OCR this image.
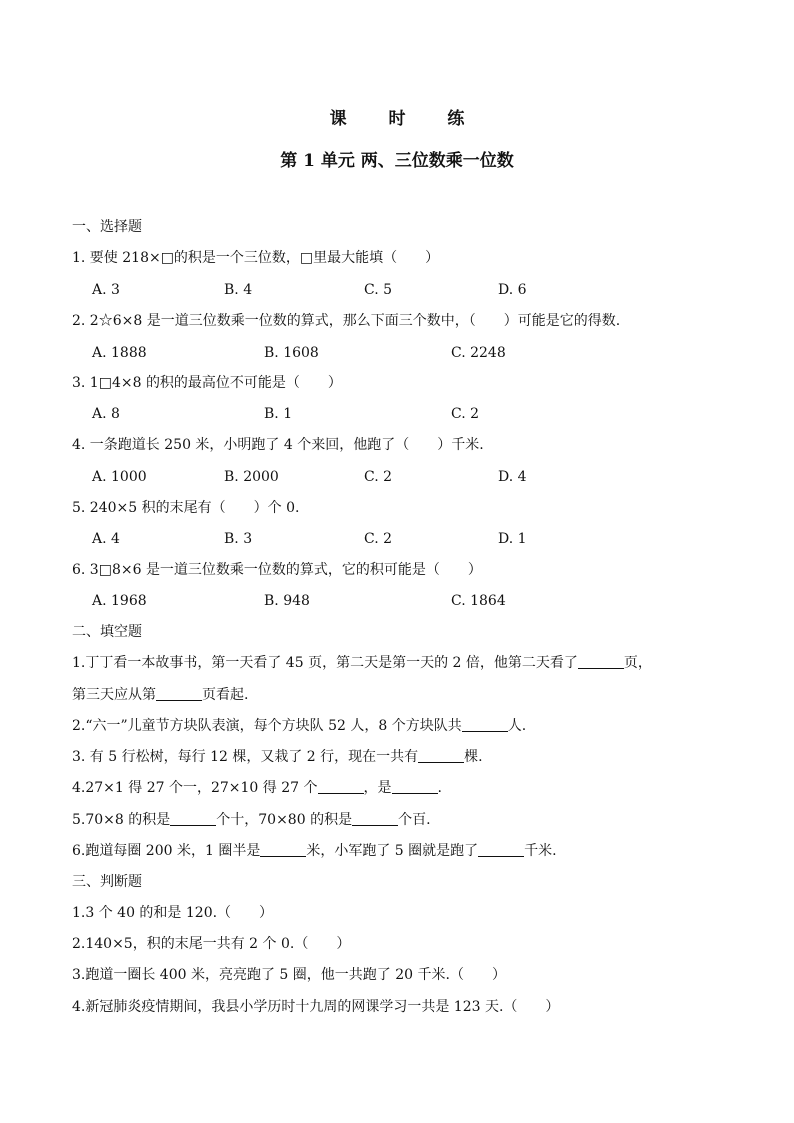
课 时 练
第 1 单元 两、三位数乘一位数
一、选择题
1. 要使 218×□的积是一个三位数，□里最大能填（　　）
A. 3	B. 4	C. 5	D. 6
2. 2☆6×8 是一道三位数乘一位数的算式，那么下面三个数中，（　　）可能是它的得数.
A. 1888	B. 1608	C. 2248
3. 1□4×8 的积的最高位不可能是（　　）
A. 8	B. 1	C. 2
4. 一条跑道长 250 米，小明跑了 4 个来回，他跑了（　　）千米.
A. 1000	B. 2000	C. 2	D. 4
5. 240×5 积的末尾有（　　）个 0.
A. 4	B. 3	C. 2	D. 1
6. 3□8×6 是一道三位数乘一位数的算式，它的积可能是（　　）
A. 1968	B. 948	C. 1864
二、填空题
1.丁丁看一本故事书，第一天看了 45 页，第二天是第一天的 2 倍，他第二天看了	页，
第三天应从第	页看起.
2.“六一”儿童节方块队表演，每个方块队 52 人，8 个方块队共	人.
3. 有 5 行松树，每行 12 棵，又栽了 2 行，现在一共有	棵.
4.27×1 得 27 个一，27×10 得 27 个	，是	.
5.70×8 的积是	个十，70×80 的积是	个百.
6.跑道每圈 200 米，1 圈半是	米，小军跑了 5 圈就是跑了	千米.
三、判断题
1.3 个 40 的和是 120.（　　）
2.140×5，积的末尾一共有 2 个 0.（　　）
3.跑道一圈长 400 米，亮亮跑了 5 圈，他一共跑了 20 千米.（　　）
4.新冠肺炎疫情期间，我县小学历时十九周的网课学习一共是 123 天.（　　）
